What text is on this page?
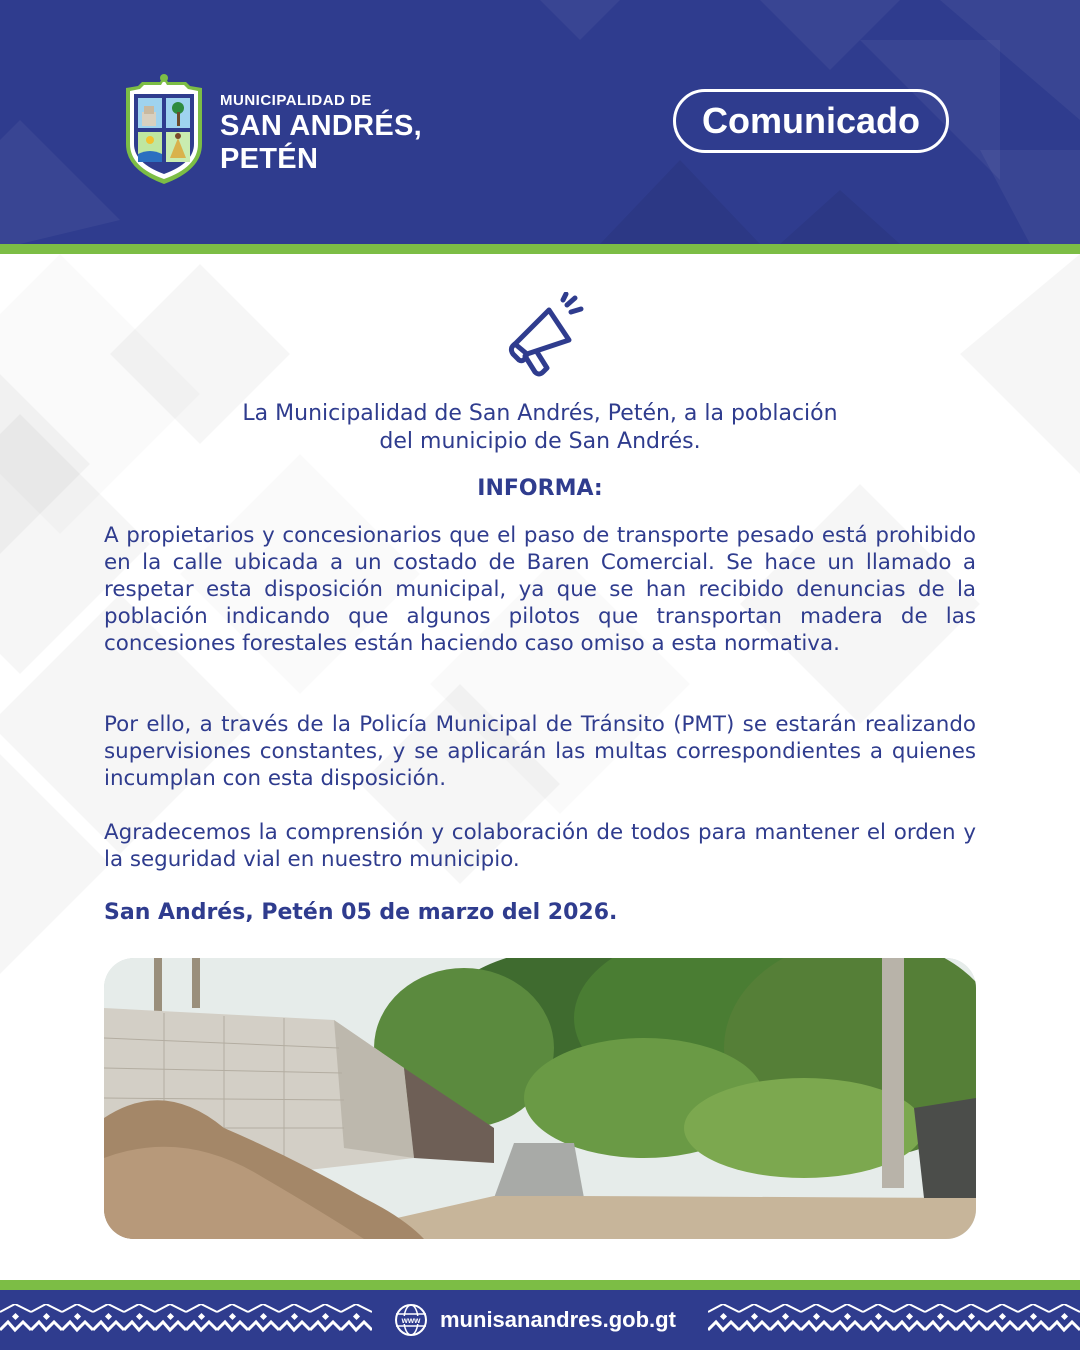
MUNICIPALIDAD DE
SAN ANDRÉS,
PETÉN
Comunicado
La Municipalidad de San Andrés, Petén, a la población
del municipio de San Andrés.
INFORMA:
A propietarios y concesionarios que el paso de transporte pesado está prohibido en la calle ubicada a un costado de Baren Comercial. Se hace un llamado a respetar esta disposición municipal, ya que se han recibido denuncias de la población indicando que algunos pilotos que transportan madera de las concesiones forestales están haciendo caso omiso a esta normativa.
Por ello, a través de la Policía Municipal de Tránsito (PMT) se estarán realizando supervisiones constantes, y se aplicarán las multas correspondientes a quienes incumplan con esta disposición.
Agradecemos la comprensión y colaboración de todos para mantener el orden y la seguridad vial en nuestro municipio.
San Andrés, Petén 05 de marzo del 2026.
www munisanandres.gob.gt
